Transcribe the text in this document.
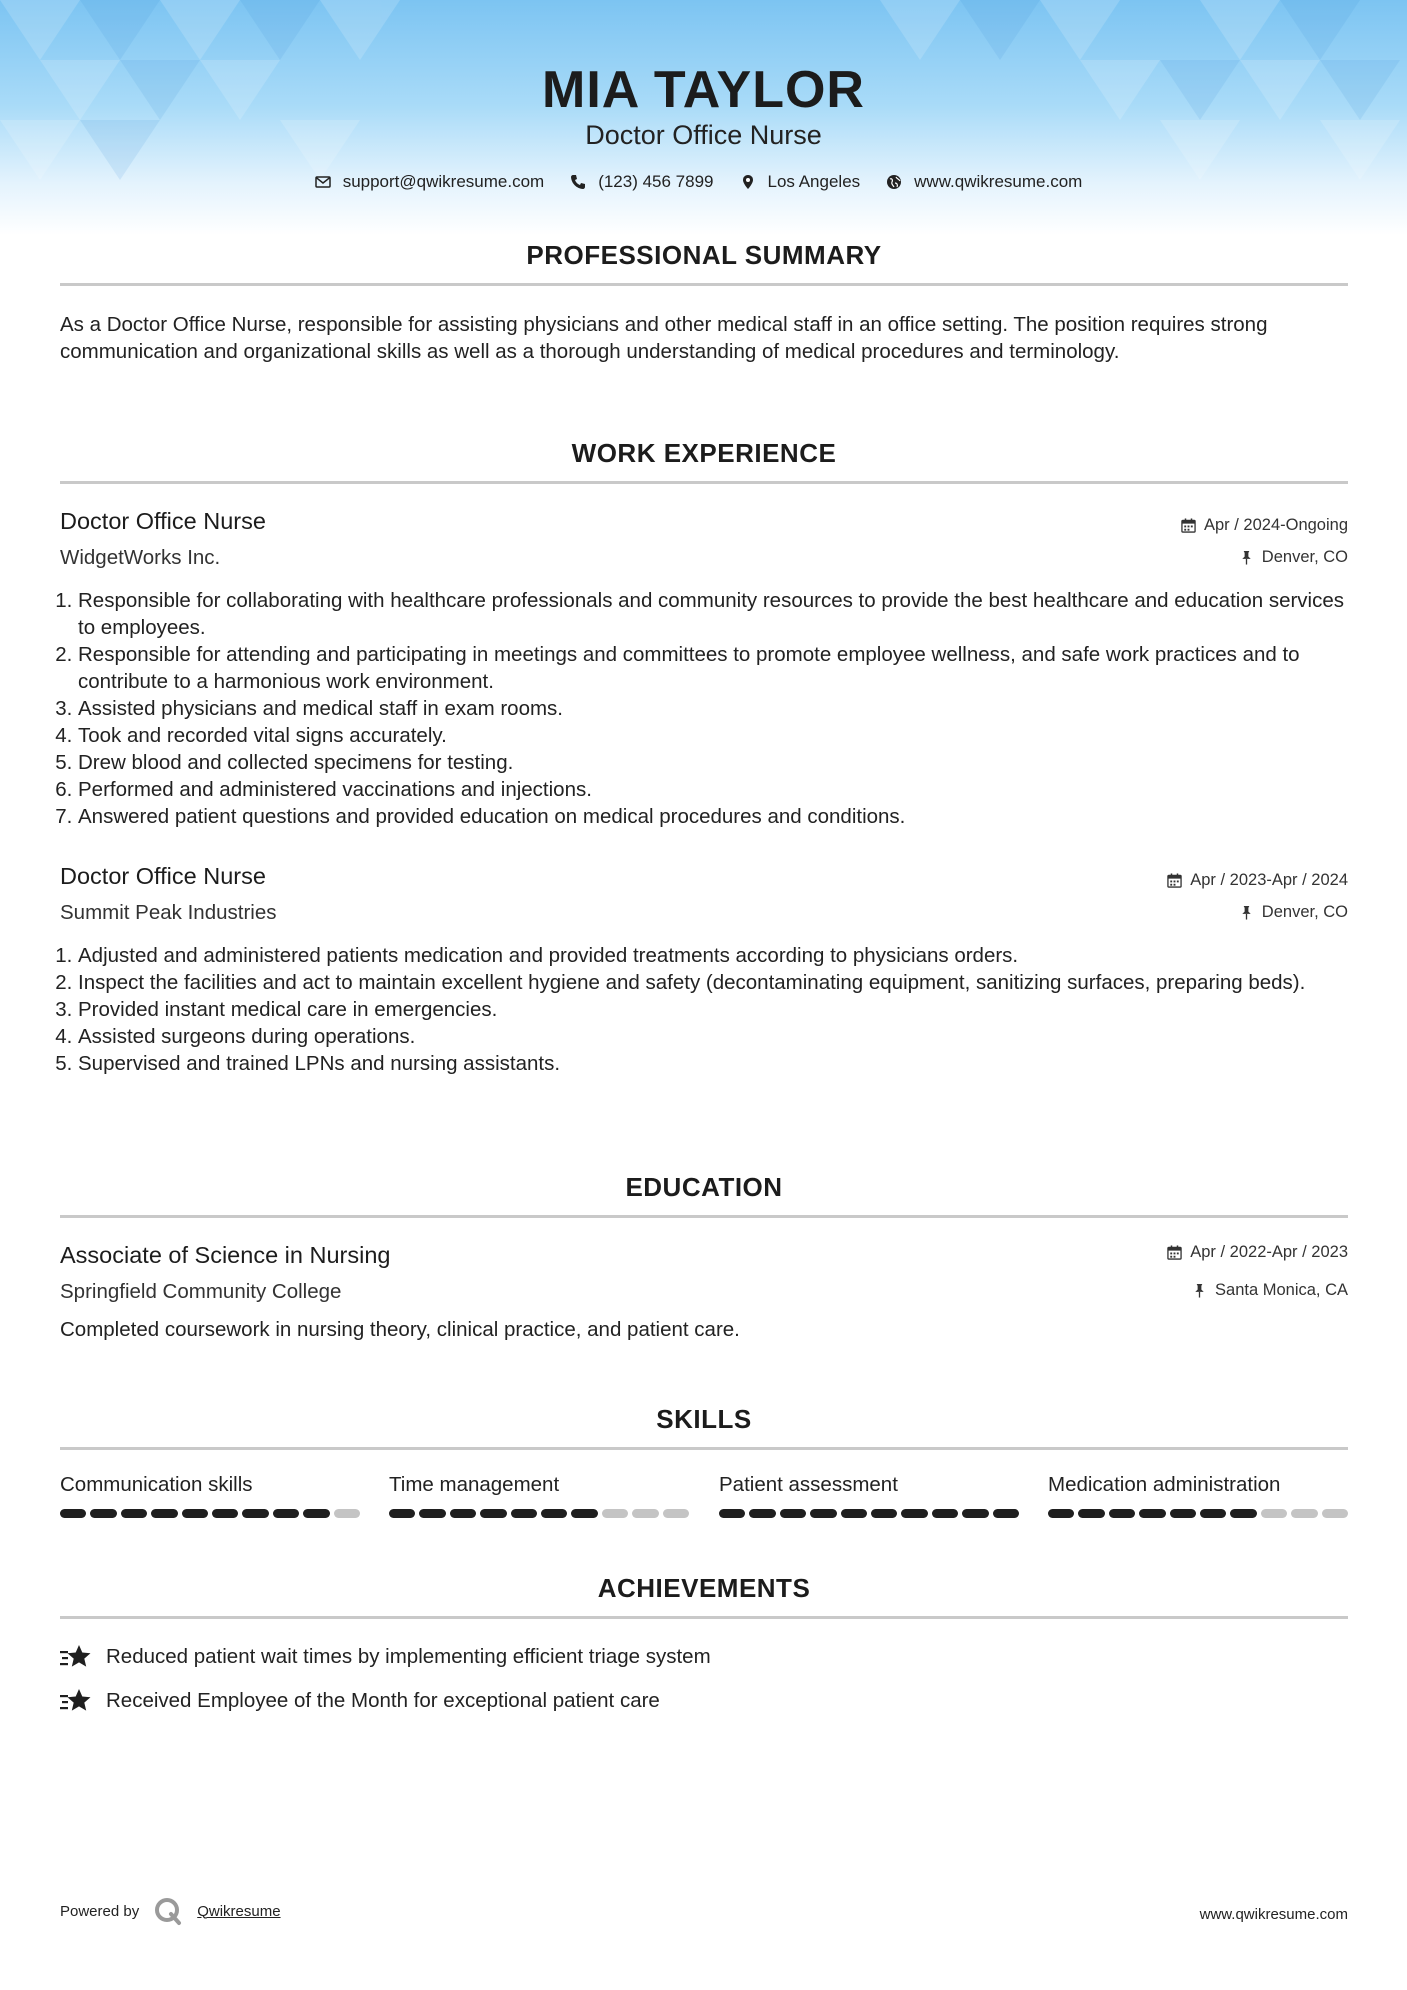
MIA TAYLOR
Doctor Office Nurse
support@qwikresume.com	(123) 456 7899	Los Angeles	www.qwikresume.com
PROFESSIONAL SUMMARY
As a Doctor Office Nurse, responsible for assisting physicians and other medical staff in an office setting. The position requires strong communication and organizational skills as well as a thorough understanding of medical procedures and terminology.
WORK EXPERIENCE
Doctor Office Nurse	Apr / 2024-Ongoing
WidgetWorks Inc.	Denver, CO
1. Responsible for collaborating with healthcare professionals and community resources to provide the best healthcare and education services to employees.
2. Responsible for attending and participating in meetings and committees to promote employee wellness, and safe work practices and to contribute to a harmonious work environment.
3. Assisted physicians and medical staff in exam rooms.
4. Took and recorded vital signs accurately.
5. Drew blood and collected specimens for testing.
6. Performed and administered vaccinations and injections.
7. Answered patient questions and provided education on medical procedures and conditions.
Doctor Office Nurse	Apr / 2023-Apr / 2024
Summit Peak Industries	Denver, CO
1. Adjusted and administered patients medication and provided treatments according to physicians orders.
2. Inspect the facilities and act to maintain excellent hygiene and safety (decontaminating equipment, sanitizing surfaces, preparing beds).
3. Provided instant medical care in emergencies.
4. Assisted surgeons during operations.
5. Supervised and trained LPNs and nursing assistants.
EDUCATION
Associate of Science in Nursing	Apr / 2022-Apr / 2023
Springfield Community College	Santa Monica, CA
Completed coursework in nursing theory, clinical practice, and patient care.
SKILLS
Communication skills	Time management	Patient assessment	Medication administration
ACHIEVEMENTS
Reduced patient wait times by implementing efficient triage system
Received Employee of the Month for exceptional patient care
Powered by	Qwikresume	www.qwikresume.com
